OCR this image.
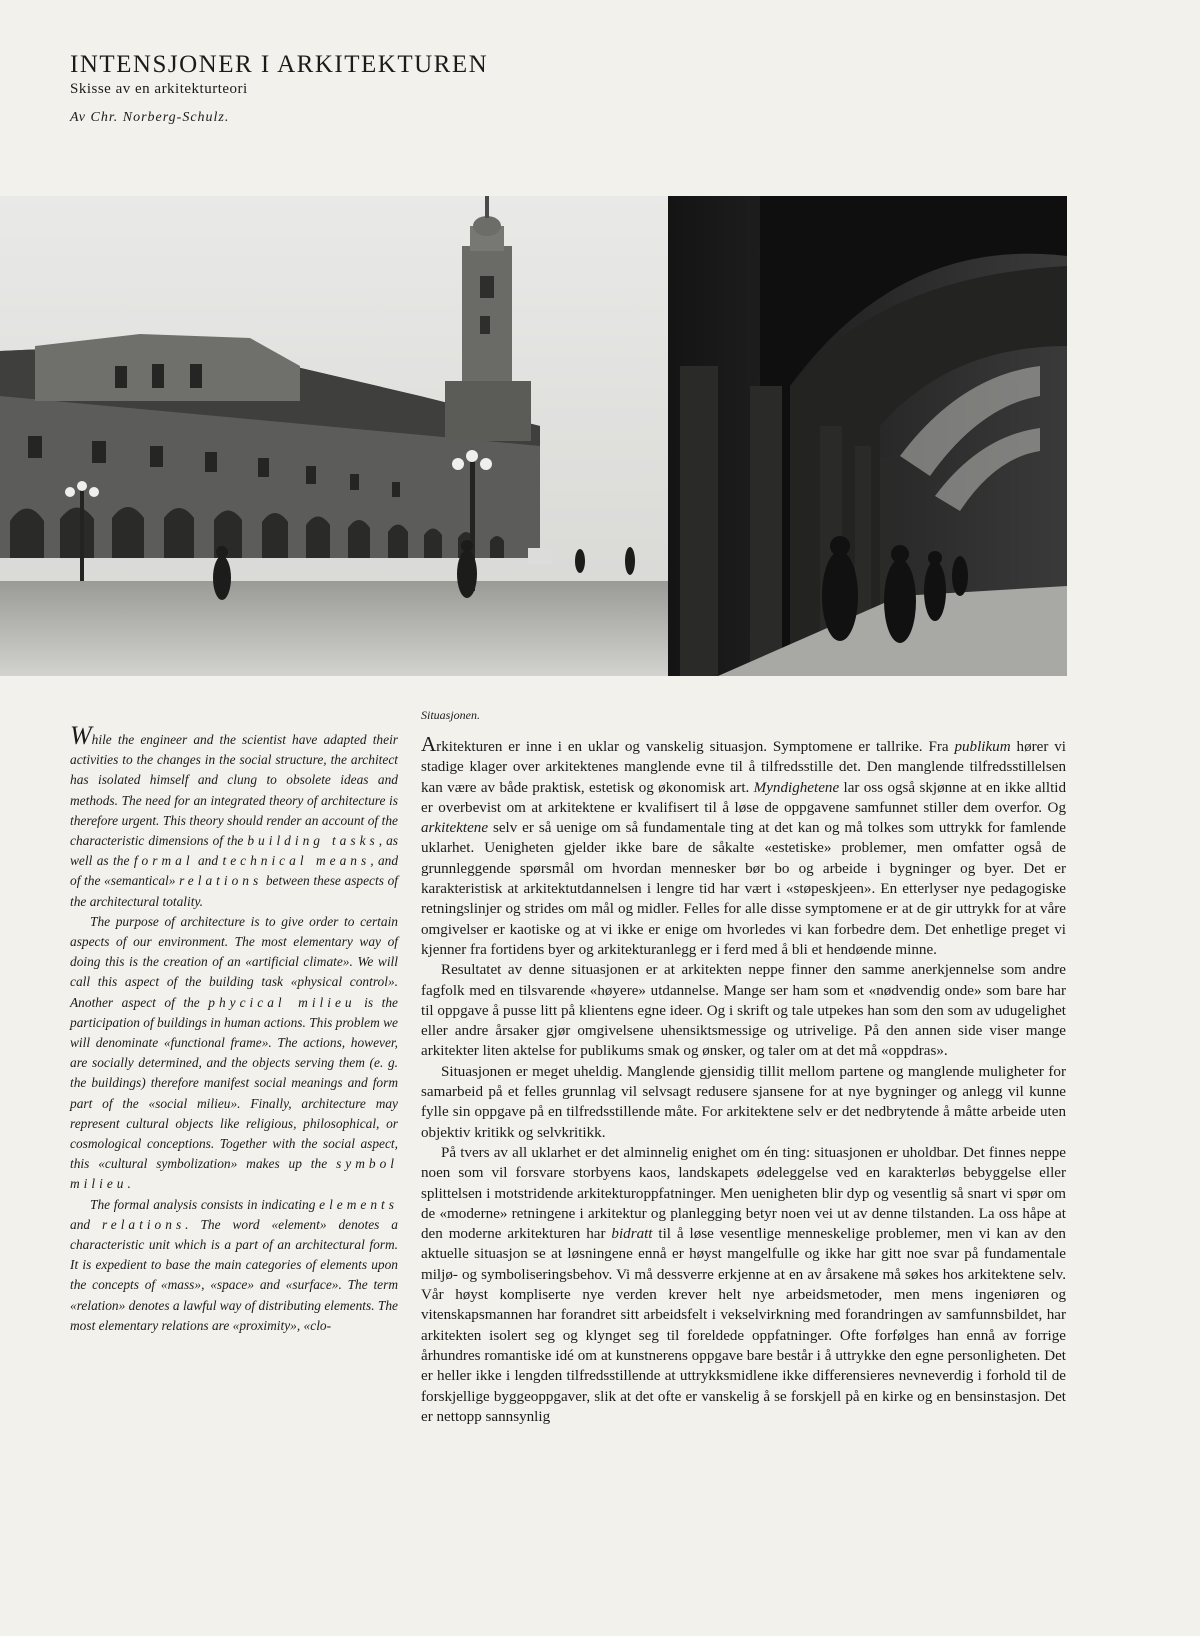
INTENSJONER I ARKITEKTUREN

Skisse av en arkitekturteori

Av Chr. Norberg-Schulz.
Situasjonen.

While the engineer and the scientist have adapted their activities to the changes in the social structure, the architect has isolated himself and clung to obsolete ideas and methods. The need for an integrated theory of architecture is therefore urgent. This theory should render an account of the characteristic dimensions of the building tasks, as well as the formal and technical means, and of the «semantical» relations between these aspects of the architectural totality.

The purpose of architecture is to give order to certain aspects of our environment. The most elementary way of doing this is the creation of an «artificial climate». We will call this aspect of the building task «physical control». Another aspect of the phycical milieu is the participation of buildings in human actions. This problem we will denominate «functional frame». The actions, however, are socially determined, and the objects serving them (e. g. the buildings) therefore manifest social meanings and form part of the «social milieu». Finally, architecture may represent cultural objects like religious, philosophical, or cosmological conceptions. Together with the social aspect, this «cultural symbolization» makes up the symbol milieu.

The formal analysis consists in indicating elements and relations. The word «element» denotes a characteristic unit which is a part of an architectural form. It is expedient to base the main categories of elements upon the concepts of «mass», «space» and «surface». The term «relation» denotes a lawful way of distributing elements. The most elementary relations are «proximity», «clo-

Arkitekturen er inne i en uklar og vanskelig situasjon. Symptomene er tallrike. Fra publikum hører vi stadige klager over arkitektenes manglende evne til å tilfredsstille det. Den manglende tilfredsstillelsen kan være av både praktisk, estetisk og økonomisk art. Myndighetene lar oss også skjønne at en ikke alltid er overbevist om at arkitektene er kvalifisert til å løse de oppgavene samfunnet stiller dem overfor. Og arkitektene selv er så uenige om så fundamentale ting at det kan og må tolkes som uttrykk for famlende uklarhet. Uenigheten gjelder ikke bare de såkalte «estetiske» problemer, men omfatter også de grunnleggende spørsmål om hvordan mennesker bør bo og arbeide i bygninger og byer. Det er karakteristisk at arkitektutdannelsen i lengre tid har vært i «støpeskjeen». En etterlyser nye pedagogiske retningslinjer og strides om mål og midler. Felles for alle disse symptomene er at de gir uttrykk for at våre omgivelser er kaotiske og at vi ikke er enige om hvorledes vi kan forbedre dem. Det enhetlige preget vi kjenner fra fortidens byer og arkitekturanlegg er i ferd med å bli et hendøende minne.

Resultatet av denne situasjonen er at arkitekten neppe finner den samme anerkjennelse som andre fagfolk med en tilsvarende «høyere» utdannelse. Mange ser ham som et «nødvendig onde» som bare har til oppgave å pusse litt på klientens egne ideer. Og i skrift og tale utpekes han som den som av udugelighet eller andre årsaker gjør omgivelsene uhensiktsmessige og utrivelige. På den annen side viser mange arkitekter liten aktelse for publikums smak og ønsker, og taler om at det må «oppdras».

Situasjonen er meget uheldig. Manglende gjensidig tillit mellom partene og manglende muligheter for samarbeid på et felles grunnlag vil selvsagt redusere sjansene for at nye bygninger og anlegg vil kunne fylle sin oppgave på en tilfredsstillende måte. For arkitektene selv er det nedbrytende å måtte arbeide uten objektiv kritikk og selvkritikk.

På tvers av all uklarhet er det alminnelig enighet om én ting: situasjonen er uholdbar. Det finnes neppe noen som vil forsvare storbyens kaos, landskapets ødeleggelse ved en karakterløs bebyggelse eller splittelsen i motstridende arkitekturoppfatninger. Men uenigheten blir dyp og vesentlig så snart vi spør om de «moderne» retningene i arkitektur og planlegging betyr noen vei ut av denne tilstanden. La oss håpe at den moderne arkitekturen har bidratt til å løse vesentlige menneskelige problemer, men vi kan av den aktuelle situasjon se at løsningene ennå er høyst mangelfulle og ikke har gitt noe svar på fundamentale miljø- og symboliseringsbehov. Vi må dessverre erkjenne at en av årsakene må søkes hos arkitektene selv. Vår høyst kompliserte nye verden krever helt nye arbeidsmetoder, men mens ingeniøren og vitenskapsmannen har forandret sitt arbeidsfelt i vekselvirkning med forandringen av samfunnsbildet, har arkitekten isolert seg og klynget seg til foreldede oppfatninger. Ofte forfølges han ennå av forrige århundres romantiske idé om at kunstnerens oppgave bare består i å uttrykke den egne personligheten. Det er heller ikke i lengden tilfredsstillende at uttrykksmidlene ikke differensieres nevneverdig i forhold til de forskjellige byggeoppgaver, slik at det ofte er vanskelig å se forskjell på en kirke og en bensinstasjon. Det er nettopp sannsynlig
